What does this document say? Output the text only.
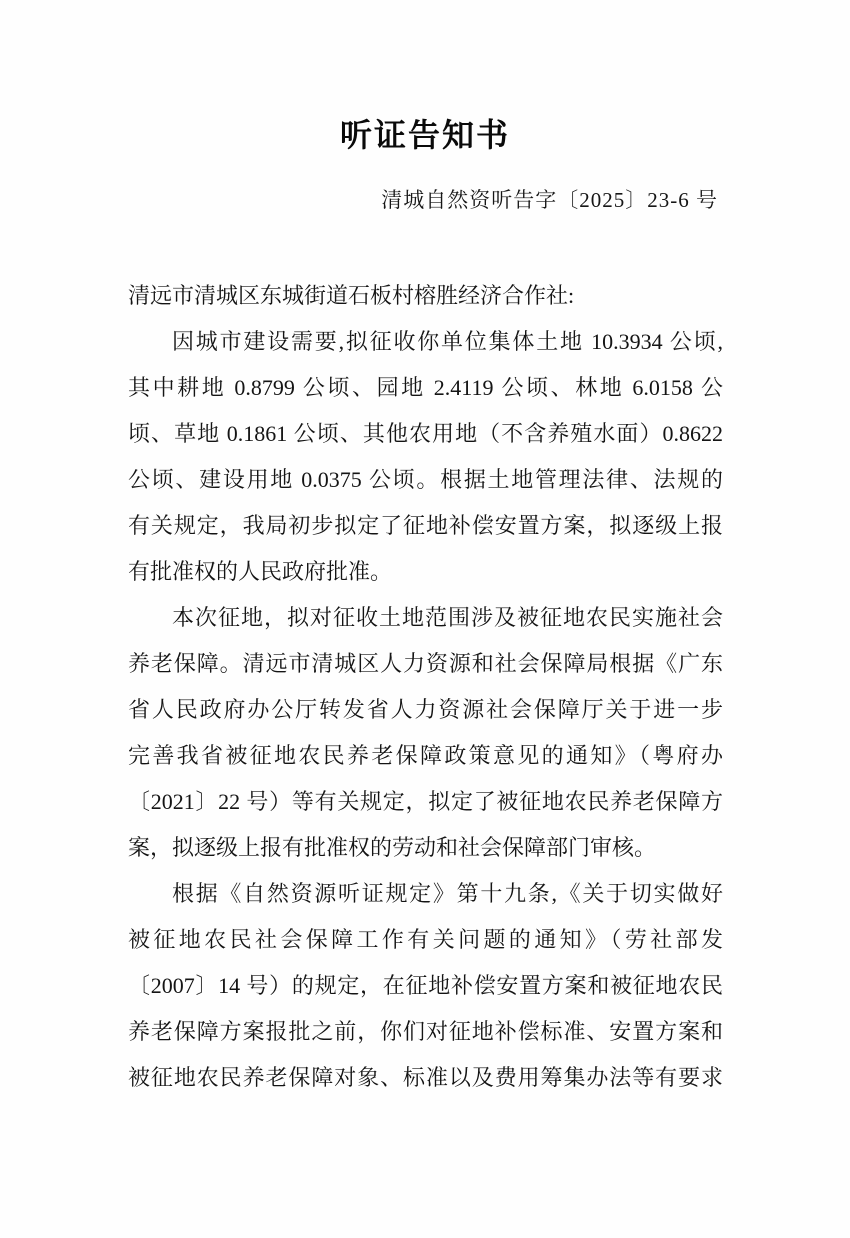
听证告知书
清城自然资听告字〔2025〕23-6 号
清远市清城区东城街道石板村榕胜经济合作社:
因城市建设需要,拟征收你单位集体土地 10.3934 公顷,
其中耕地 0.8799 公顷、园地 2.4119 公顷、林地 6.0158 公
顷、草地 0.1861 公顷、其他农用地（不含养殖水面）0.8622
公顷、建设用地 0.0375 公顷。根据土地管理法律、法规的
有关规定，我局初步拟定了征地补偿安置方案，拟逐级上报
有批准权的人民政府批准。
本次征地，拟对征收土地范围涉及被征地农民实施社会
养老保障。清远市清城区人力资源和社会保障局根据《广东
省人民政府办公厅转发省人力资源社会保障厅关于进一步
完善我省被征地农民养老保障政策意见的通知》（粤府办
〔2021〕22 号）等有关规定，拟定了被征地农民养老保障方
案，拟逐级上报有批准权的劳动和社会保障部门审核。
根据《自然资源听证规定》第十九条,《关于切实做好
被征地农民社会保障工作有关问题的通知》（劳社部发
〔2007〕14 号）的规定，在征地补偿安置方案和被征地农民
养老保障方案报批之前，你们对征地补偿标准、安置方案和
被征地农民养老保障对象、标准以及费用筹集办法等有要求
